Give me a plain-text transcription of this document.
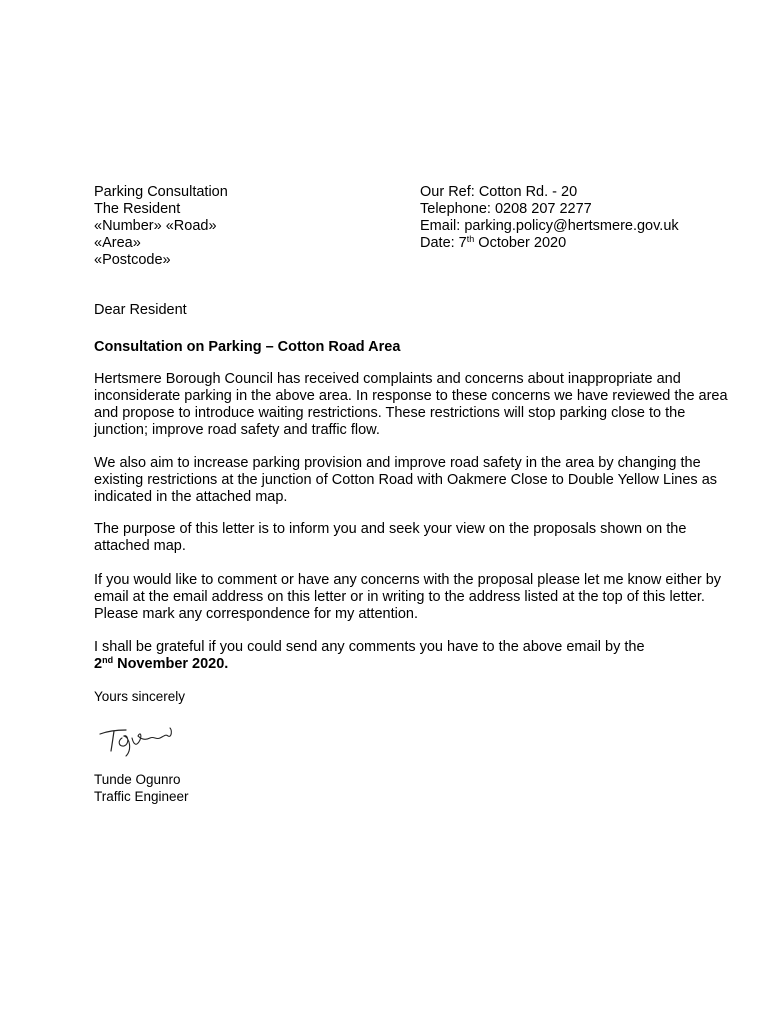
Parking Consultation
The Resident
«Number» «Road»
«Area»
«Postcode»
Our Ref: Cotton Rd. - 20
Telephone: 0208 207 2277
Email: parking.policy@hertsmere.gov.uk
Date: 7th October 2020
Dear Resident
Consultation on Parking – Cotton Road Area
Hertsmere Borough Council has received complaints and concerns about inappropriate and inconsiderate parking in the above area. In response to these concerns we have reviewed the area and propose to introduce waiting restrictions. These restrictions will stop parking close to the junction; improve road safety and traffic flow.
We also aim to increase parking provision and improve road safety in the area by changing the existing restrictions at the junction of Cotton Road with Oakmere Close to Double Yellow Lines as indicated in the attached map.
The purpose of this letter is to inform you and seek your view on the proposals shown on the attached map.
If you would like to comment or have any concerns with the proposal please let me know either by email at the email address on this letter or in writing to the address listed at the top of this letter. Please mark any correspondence for my attention.
I shall be grateful if you could send any comments you have to the above email by the
2nd November 2020.
Yours sincerely
Tunde Ogunro
Traffic Engineer
